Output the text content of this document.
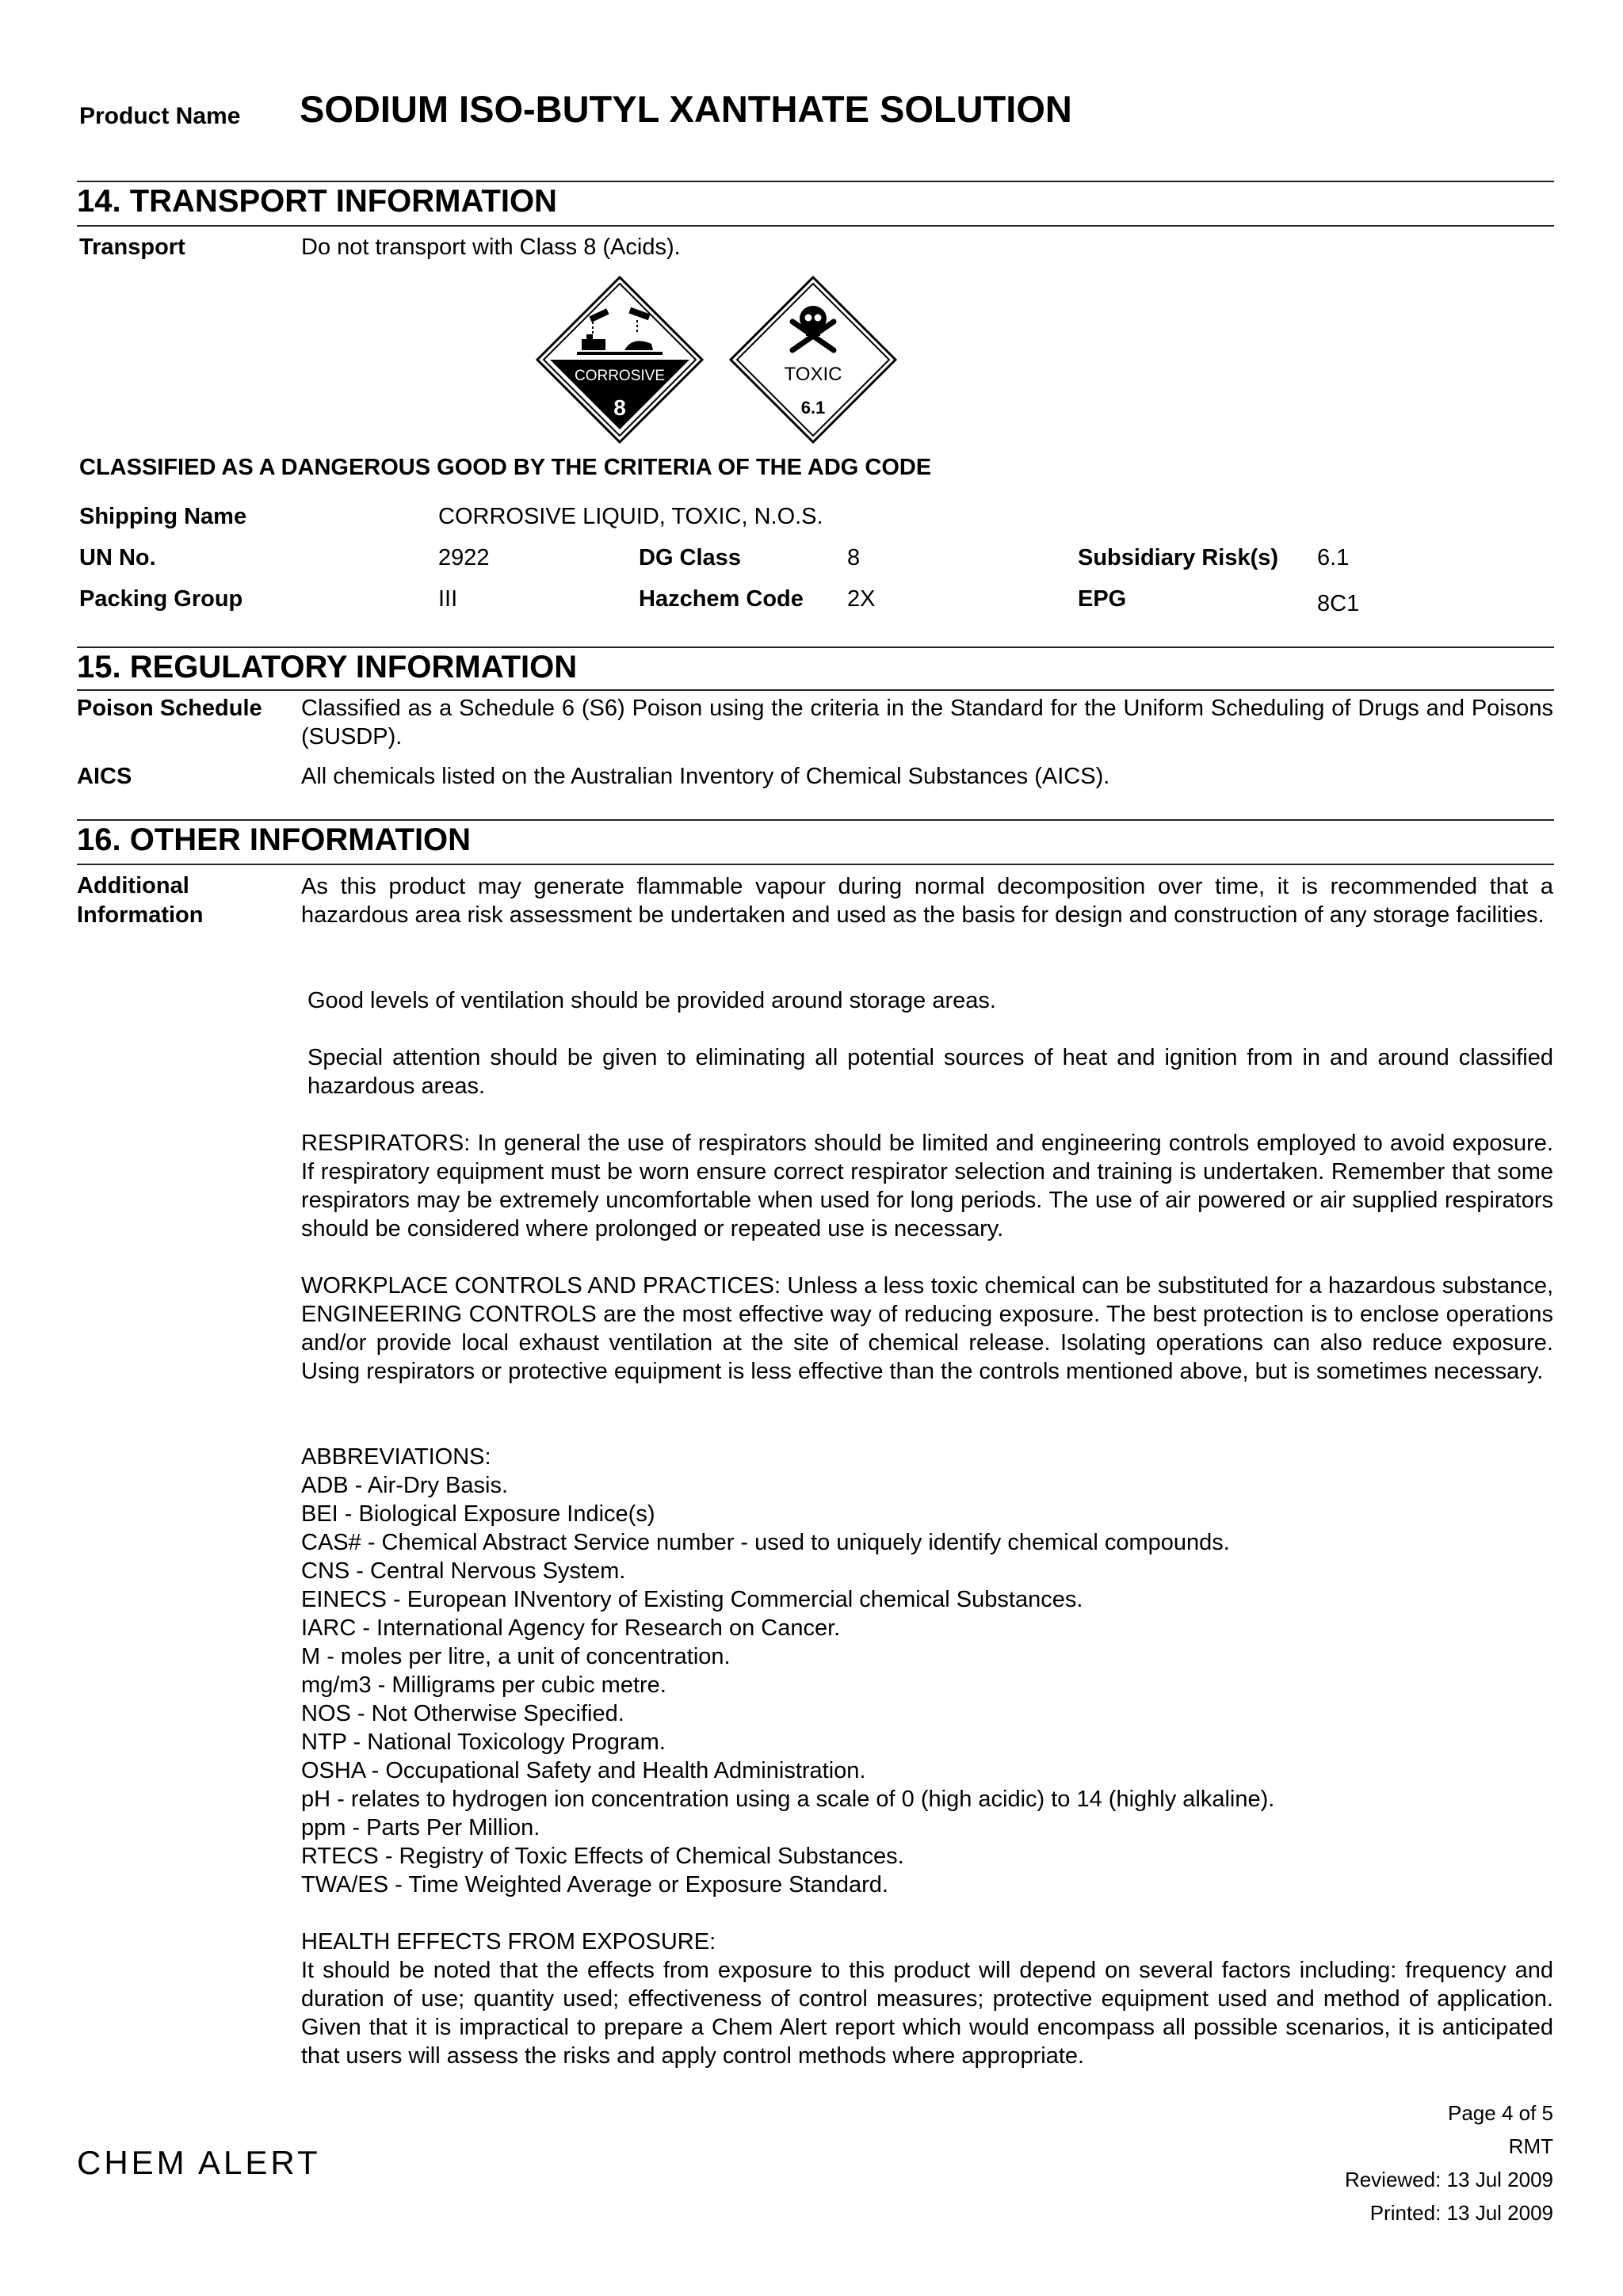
Product Name SODIUM ISO-BUTYL XANTHATE SOLUTION
14. TRANSPORT INFORMATION
Transport	Do not transport with Class 8 (Acids).
CORROSIVE
8
TOXIC
6.1
CLASSIFIED AS A DANGEROUS GOOD BY THE CRITERIA OF THE ADG CODE
Shipping Name	CORROSIVE LIQUID, TOXIC, N.O.S.
UN No.	2922	DG Class	8	Subsidiary Risk(s) 6.1
Packing Group	III	Hazchem Code 2X	EPG	8C1
15. REGULATORY INFORMATION
Poison Schedule Classified as a Schedule 6 (S6) Poison using the criteria in the Standard for the Uniform Scheduling of Drugs and Poisons (SUSDP).
AICS	All chemicals listed on the Australian Inventory of Chemical Substances (AICS).
16. OTHER INFORMATION
Additional
Information
As this product may generate flammable vapour during normal decomposition over time, it is recommended that a hazardous area risk assessment be undertaken and used as the basis for design and construction of any storage facilities.
Good levels of ventilation should be provided around storage areas.
Special attention should be given to eliminating all potential sources of heat and ignition from in and around classified hazardous areas.
RESPIRATORS: In general the use of respirators should be limited and engineering controls employed to avoid exposure. If respiratory equipment must be worn ensure correct respirator selection and training is undertaken. Remember that some respirators may be extremely uncomfortable when used for long periods. The use of air powered or air supplied respirators should be considered where prolonged or repeated use is necessary.
WORKPLACE CONTROLS AND PRACTICES: Unless a less toxic chemical can be substituted for a hazardous substance, ENGINEERING CONTROLS are the most effective way of reducing exposure. The best protection is to enclose operations and/or provide local exhaust ventilation at the site of chemical release. Isolating operations can also reduce exposure. Using respirators or protective equipment is less effective than the controls mentioned above, but is sometimes necessary.
ABBREVIATIONS:
ADB - Air-Dry Basis.
BEI - Biological Exposure Indice(s)
CAS# - Chemical Abstract Service number - used to uniquely identify chemical compounds.
CNS - Central Nervous System.
EINECS - European INventory of Existing Commercial chemical Substances.
IARC - International Agency for Research on Cancer.
M - moles per litre, a unit of concentration.
mg/m3 - Milligrams per cubic metre.
NOS - Not Otherwise Specified.
NTP - National Toxicology Program.
OSHA - Occupational Safety and Health Administration.
pH - relates to hydrogen ion concentration using a scale of 0 (high acidic) to 14 (highly alkaline).
ppm - Parts Per Million.
RTECS - Registry of Toxic Effects of Chemical Substances.
TWA/ES - Time Weighted Average or Exposure Standard.
HEALTH EFFECTS FROM EXPOSURE:
It should be noted that the effects from exposure to this product will depend on several factors including: frequency and duration of use; quantity used; effectiveness of control measures; protective equipment used and method of application. Given that it is impractical to prepare a Chem Alert report which would encompass all possible scenarios, it is anticipated that users will assess the risks and apply control methods where appropriate.
CHEM ALERT
Page 4 of 5
RMT
Reviewed: 13 Jul 2009
Printed: 13 Jul 2009
